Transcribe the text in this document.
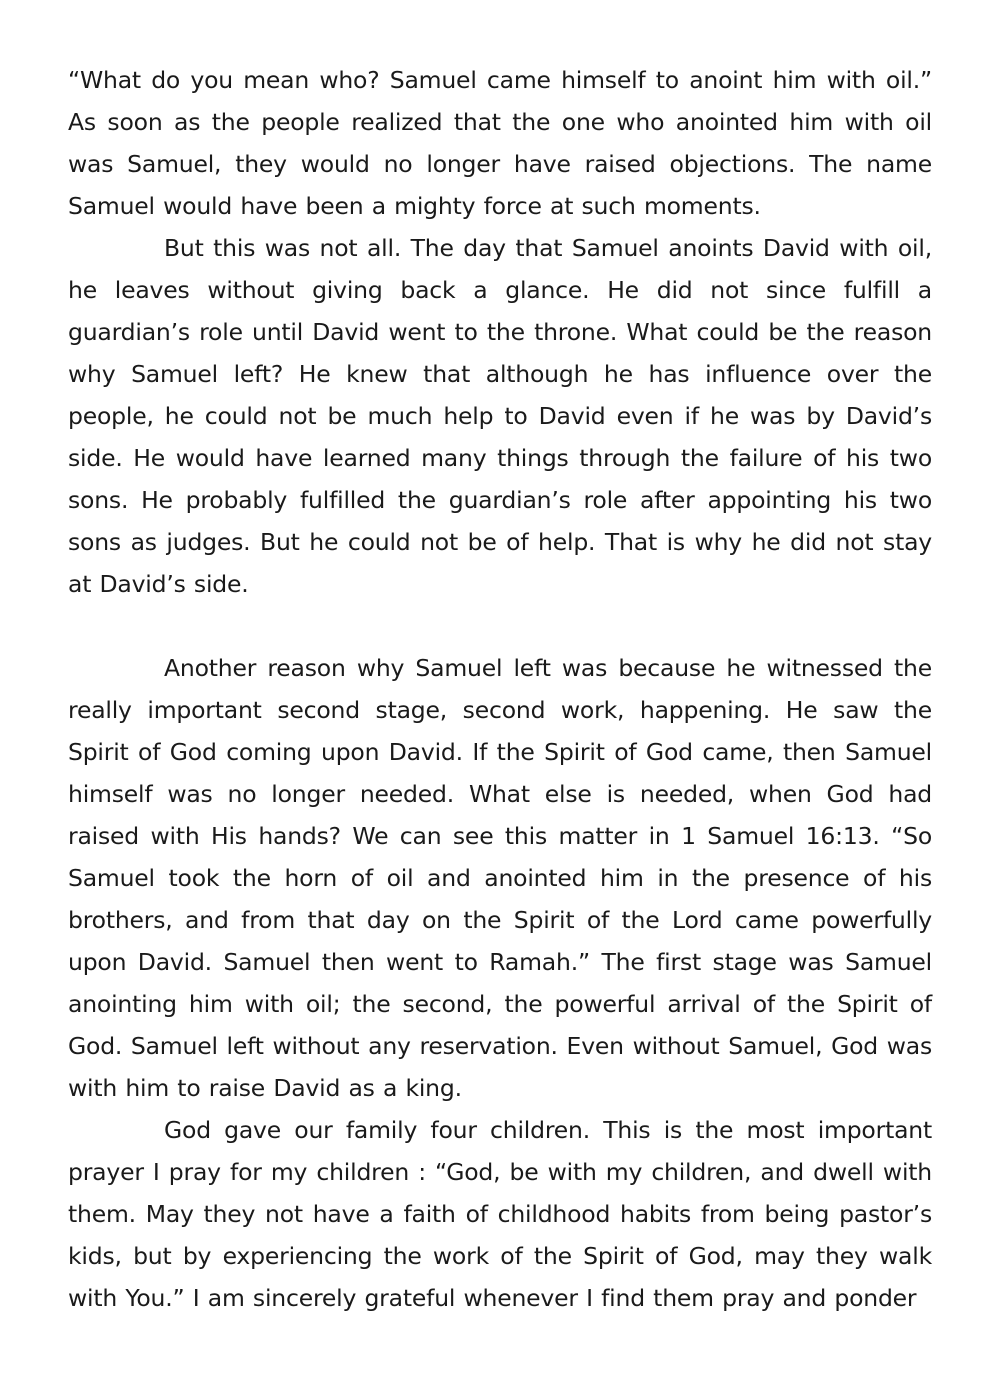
“What do you mean who? Samuel came himself to anoint him with oil.” As soon as the people realized that the one who anointed him with oil was Samuel, they would no longer have raised objections. The name Samuel would have been a mighty force at such moments.

But this was not all. The day that Samuel anoints David with oil, he leaves without giving back a glance. He did not since fulfill a guardian’s role until David went to the throne. What could be the reason why Samuel left? He knew that although he has influence over the people, he could not be much help to David even if he was by David’s side. He would have learned many things through the failure of his two sons. He probably fulfilled the guardian’s role after appointing his two sons as judges. But he could not be of help. That is why he did not stay at David’s side.

Another reason why Samuel left was because he witnessed the really important second stage, second work, happening. He saw the Spirit of God coming upon David. If the Spirit of God came, then Samuel himself was no longer needed. What else is needed, when God had raised with His hands? We can see this matter in 1 Samuel 16:13. “So Samuel took the horn of oil and anointed him in the presence of his brothers, and from that day on the Spirit of the Lord came powerfully upon David. Samuel then went to Ramah.” The first stage was Samuel anointing him with oil; the second, the powerful arrival of the Spirit of God. Samuel left without any reservation. Even without Samuel, God was with him to raise David as a king.

God gave our family four children. This is the most important prayer I pray for my children : “God, be with my children, and dwell with them. May they not have a faith of childhood habits from being pastor’s kids, but by experiencing the work of the Spirit of God, may they walk with You.” I am sincerely grateful whenever I find them pray and ponder
